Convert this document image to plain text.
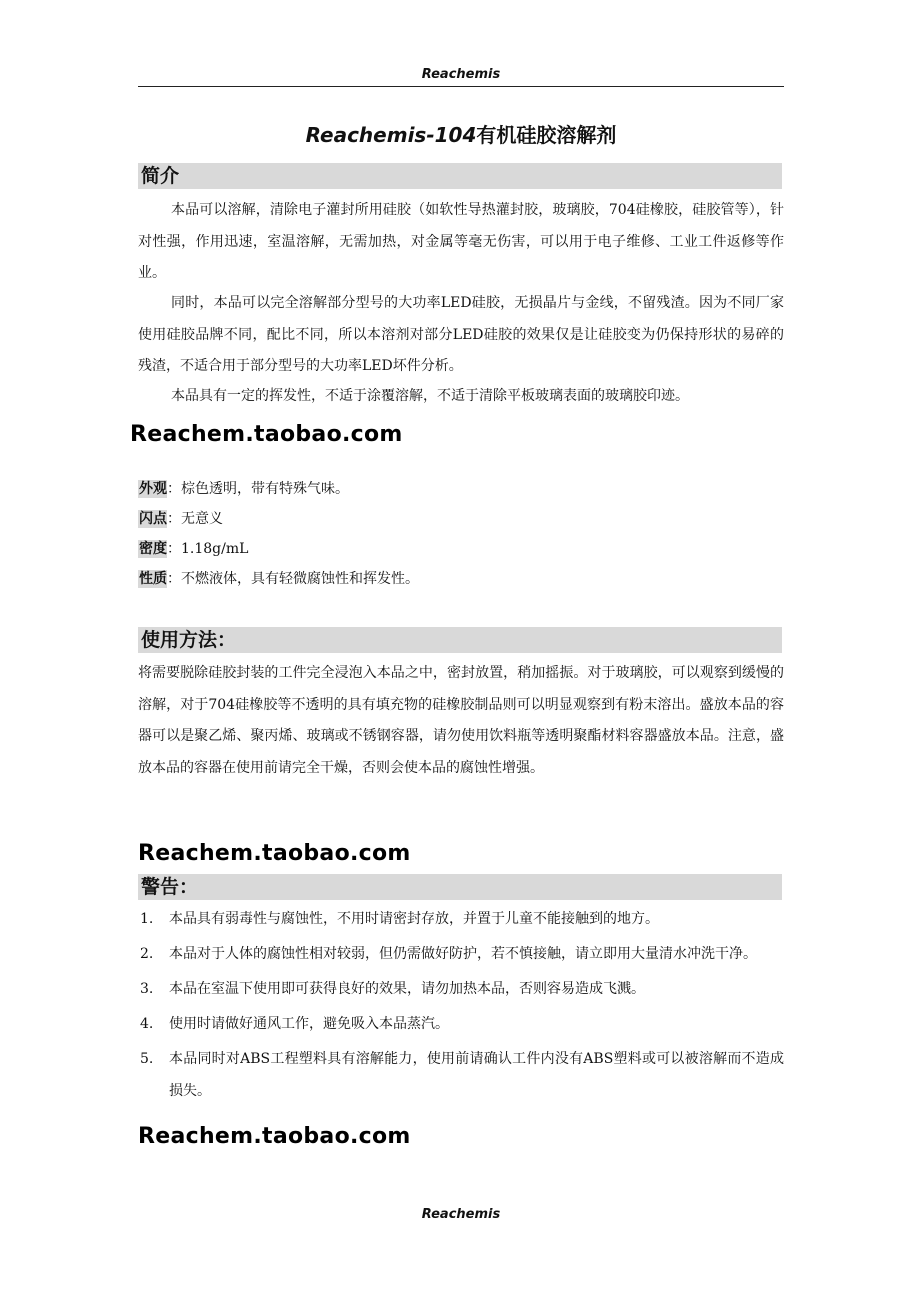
Reachemis
Reachemis-104有机硅胶溶解剂
简介

本品可以溶解，清除电子灌封所用硅胶（如软性导热灌封胶，玻璃胶，704硅橡胶，硅胶管等），针对性强，作用迅速，室温溶解，无需加热，对金属等毫无伤害，可以用于电子维修、工业工件返修等作业。

同时，本品可以完全溶解部分型号的大功率LED硅胶，无损晶片与金线，不留残渣。因为不同厂家使用硅胶品牌不同，配比不同，所以本溶剂对部分LED硅胶的效果仅是让硅胶变为仍保持形状的易碎的残渣，不适合用于部分型号的大功率LED坏件分析。

本品具有一定的挥发性，不适于涂覆溶解，不适于清除平板玻璃表面的玻璃胶印迹。

Reachem.taobao.com
外观：棕色透明，带有特殊气味。
闪点：无意义
密度：1.18g/mL
性质：不燃液体，具有轻微腐蚀性和挥发性。
使用方法：

将需要脱除硅胶封装的工件完全浸泡入本品之中，密封放置，稍加摇振。对于玻璃胶，可以观察到缓慢的溶解，对于704硅橡胶等不透明的具有填充物的硅橡胶制品则可以明显观察到有粉末溶出。盛放本品的容器可以是聚乙烯、聚丙烯、玻璃或不锈钢容器，请勿使用饮料瓶等透明聚酯材料容器盛放本品。注意，盛放本品的容器在使用前请完全干燥，否则会使本品的腐蚀性增强。

Reachem.taobao.com
警告：
1. 本品具有弱毒性与腐蚀性，不用时请密封存放，并置于儿童不能接触到的地方。
2. 本品对于人体的腐蚀性相对较弱，但仍需做好防护，若不慎接触，请立即用大量清水冲洗干净。
3. 本品在室温下使用即可获得良好的效果，请勿加热本品，否则容易造成飞溅。
4. 使用时请做好通风工作，避免吸入本品蒸汽。
5. 本品同时对ABS工程塑料具有溶解能力，使用前请确认工件内没有ABS塑料或可以被溶解而不造成损失。
Reachem.taobao.com
Reachemis
